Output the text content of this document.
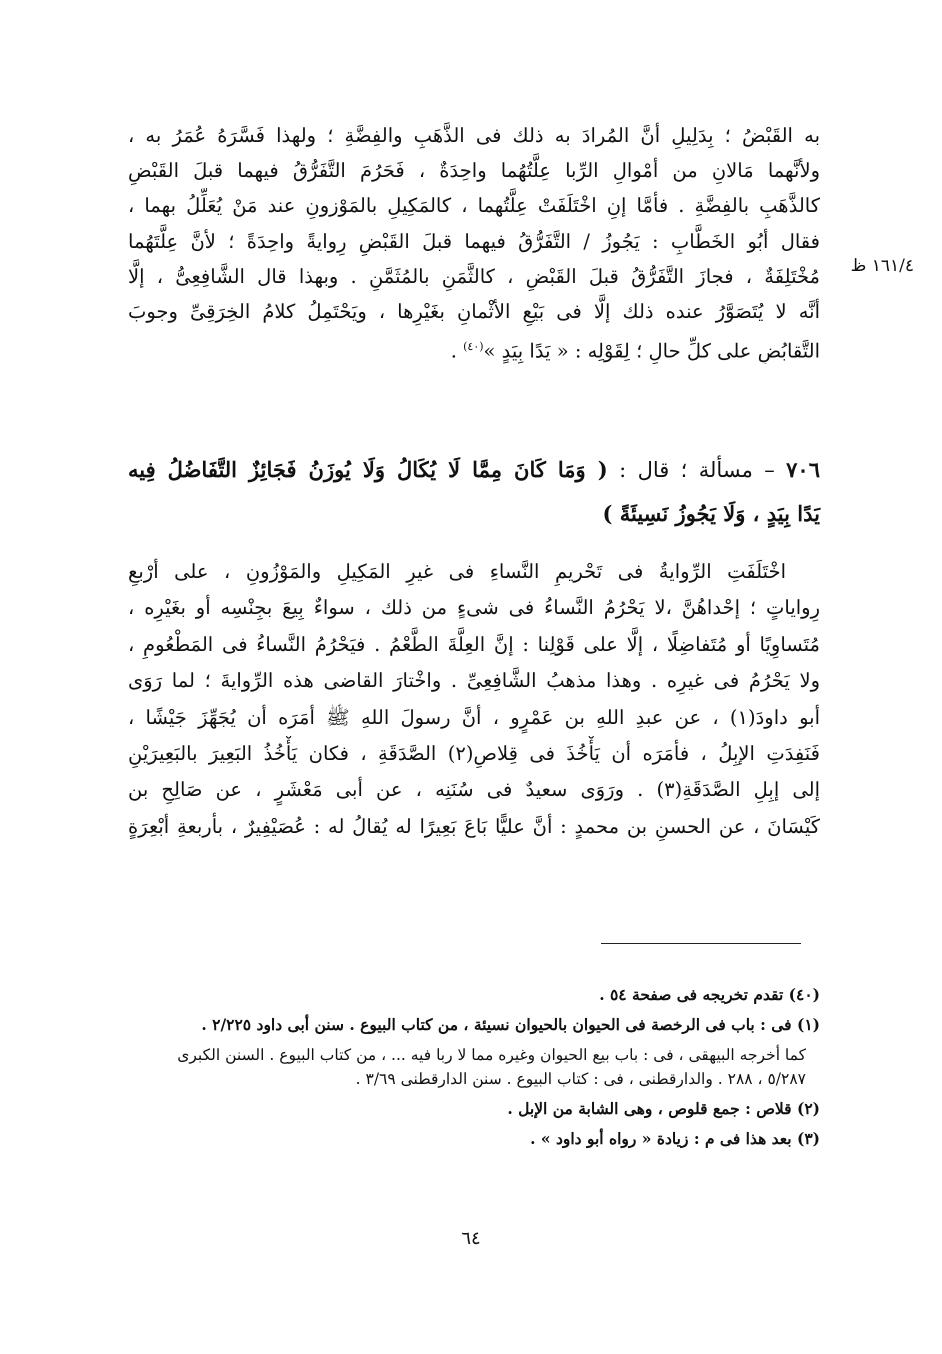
١٦١/٤ ظ
به القَبْضُ ؛ بِدَلِيلِ أنَّ المُرادَ به ذلك فى الذَّهَبِ والفِضَّةِ ؛ ولهذا فَسَّرَهُ عُمَرُ به ،
ولأنَّهما مَالانِ من أمْوالِ الرِّبا عِلَّتُهُما واحِدَةٌ ، فَحَرُمَ التَّفَرُّقُ فيهما قبلَ القَبْضِ
كالذَّهَبِ بالفِضَّةِ . فأمَّا إنِ اخْتَلَفَتْ عِلَّتُهما ، كالمَكِيلِ بالمَوْزونِ عند مَنْ يُعَلِّلُ بهما ،
فقال أبُو الخَطَّابِ : يَجُوزُ / التَّفَرُّقُ فيهما قبلَ القَبْضِ رِوايةً واحِدَةً ؛ لأنَّ عِلَّتَهُما
مُخْتَلِفَةٌ ، فجازَ التَّفَرُّقُ قبلَ القَبْضِ ، كالثَّمَنِ بالمُثَمَّنِ . وبهذا قال الشَّافِعِىُّ ، إلَّا
أنَّه لا يُتَصَوَّرُ عنده ذلك إلَّا فى بَيْعِ الأثْمانِ بغَيْرِها ، ويَحْتَمِلُ كلامُ الخِرَقِىِّ وجوبَ
التَّقابُضِ على كلِّ حالٍ ؛ لِقَوْلِه : « يَدًا بِيَدٍ »$^{(٤٠)}$ .
٧٠٦ – مسألة ؛ قال : ( وَمَا كَانَ مِمَّا لَا يُكَالُ وَلَا يُوزَنُ فَجَائِزٌ التَّفَاضُلُ فِيه
يَدًا بِيَدٍ ، وَلَا يَجُوزُ نَسِيئَةً )
اخْتَلَفَتِ الرِّوايةُ فى تَحْريمِ النَّساءِ فى غيرِ المَكِيلِ والمَوْزُونِ ، على أرْبعِ
رِواياتٍ ؛ إحْداهُنَّ ،لا يَحْرُمُ النَّساءُ فى شىءٍ من ذلك ، سواءٌ بِيعَ بجِنْسِه أو بغَيْرِه ،
مُتَساوِيًا أو مُتَفاضِلًا ، إلَّا على قَوْلِنا : إنَّ العِلَّةَ الطَّعْمُ . فيَحْرُمُ النَّساءُ فى المَطْعُومِ ،
ولا يَحْرُمُ فى غيرِه . وهذا مذهبُ الشَّافِعِىِّ . واخْتارَ القاضى هذه الرِّوايةَ ؛ لما رَوَى
أبو داودَ(١) ، عن عبدِ اللهِ بن عَمْرٍو ، أنَّ رسولَ اللهِ ﷺ أمَرَه أن يُجَهِّزَ جَيْشًا ،
فَنَفِدَتِ الإبِلُ ، فأمَرَه أن يَأْخُذَ فى قِلاصِ(٢) الصَّدَقَةِ ، فكان يَأْخُذُ البَعِيرَ بالبَعِيرَيْنِ
إلى إبِلِ الصَّدَقَةِ(٣) . ورَوَى سعيدٌ فى سُنَنِه ، عن أبى مَعْشَرٍ ، عن صَالِحِ بن
كَيْسَانَ ، عن الحسنِ بن محمدٍ : أنَّ عليًّا بَاعَ بَعِيرًا له يُقالُ له : عُصَيْفِيرٌ ، بأربعةِ أبْعِرَةٍ
(٤٠) تقدم تخريجه فى صفحة ٥٤ .
(١) فى : باب فى الرخصة فى الحيوان بالحيوان نسيئة ، من كتاب البيوع . سنن أبى داود ٢/٢٢٥ .
كما أخرجه البيهقى ، فى : باب بيع الحيوان وغيره مما لا ربا فيه ... ، من كتاب البيوع . السنن الكبرى
٥/٢٨٧ ، ٢٨٨ . والدارقطنى ، فى : كتاب البيوع . سنن الدارقطنى ٣/٦٩ .
(٢) قلاص : جمع قلوص ، وهى الشابة من الإبل .
(٣) بعد هذا فى م : زيادة « رواه أبو داود » .
٦٤
